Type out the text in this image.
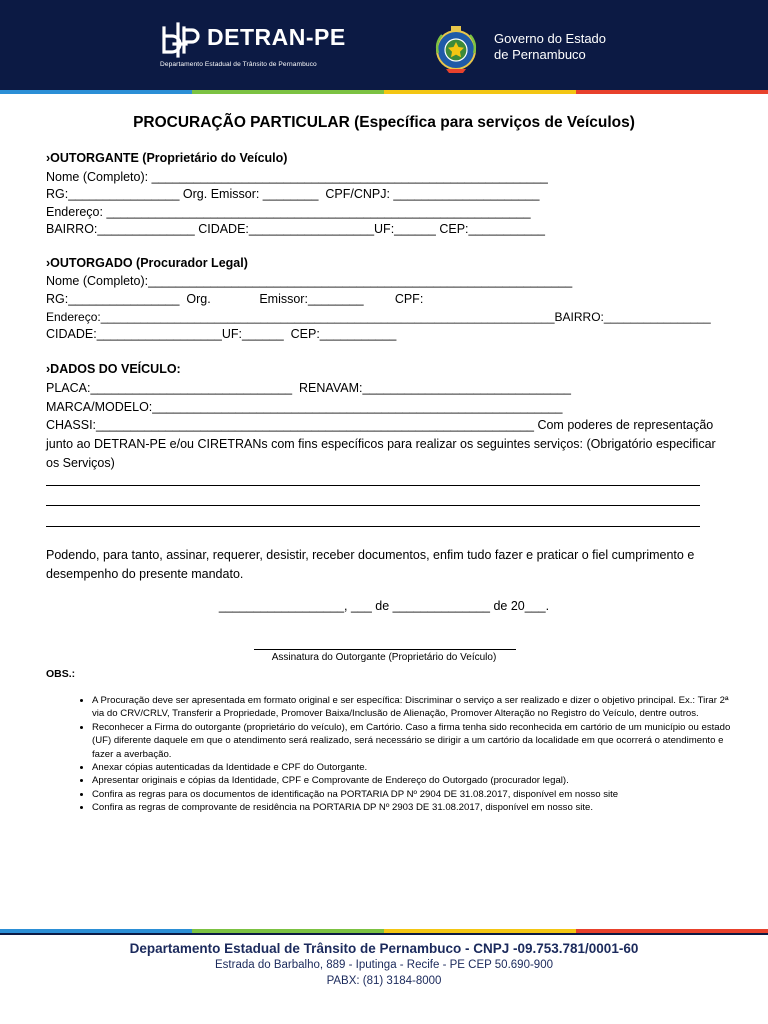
DETRAN-PE
Departamento Estadual de Trânsito de Pernambuco
Governo do Estado
de Pernambuco
PROCURAÇÃO PARTICULAR (Específica para serviços de Veículos)
›OUTORGANTE (Proprietário do Veículo)
Nome (Completo): _________________________________________________________
RG:________________ Org. Emissor: ________  CPF/CNPJ: _____________________
Endereço: _____________________________________________________________
BAIRRO:______________ CIDADE:__________________UF:______ CEP:___________
›OUTORGADO (Procurador Legal)
Nome (Completo):_____________________________________________________________
RG:________________  Org.              Emissor:________         CPF:
Endereço:____________________________________________________________________BAIRRO:________________
CIDADE:__________________UF:______  CEP:___________
›DADOS DO VEÍCULO:
PLACA:_____________________________  RENAVAM:______________________________
MARCA/MODELO:___________________________________________________________
CHASSI:_______________________________________________________________ Com poderes de representação junto ao DETRAN-PE e/ou CIRETRANs com fins específicos para realizar os seguintes serviços: (Obrigatório especificar os Serviços)
Podendo, para tanto, assinar, requerer, desistir, receber documentos, enfim tudo fazer e praticar o fiel cumprimento e desempenho do presente mandato.
__________________, ___ de ______________ de 20___.
Assinatura do Outorgante (Proprietário do Veículo)
OBS.:
• A Procuração deve ser apresentada em formato original e ser específica: Discriminar o serviço a ser realizado e dizer o objetivo principal. Ex.: Tirar 2ª via do CRV/CRLV, Transferir a Propriedade, Promover Baixa/Inclusão de Alienação, Promover Alteração no Registro do Veículo, dentre outros.
• Reconhecer a Firma do outorgante (proprietário do veículo), em Cartório. Caso a firma tenha sido reconhecida em cartório de um município ou estado (UF) diferente daquele em que o atendimento será realizado, será necessário se dirigir a um cartório da localidade em que ocorrerá o atendimento e fazer a averbação.
• Anexar cópias autenticadas da Identidade e CPF do Outorgante.
• Apresentar originais e cópias da Identidade, CPF e Comprovante de Endereço do Outorgado (procurador legal).
• Confira as regras para os documentos de identificação na PORTARIA DP Nº 2904 DE 31.08.2017, disponível em nosso site
• Confira as regras de comprovante de residência na PORTARIA DP Nº 2903 DE 31.08.2017, disponível em nosso site.
Departamento Estadual de Trânsito de Pernambuco - CNPJ -09.753.781/0001-60
Estrada do Barbalho, 889 - Iputinga - Recife - PE CEP 50.690-900
PABX: (81) 3184-8000
